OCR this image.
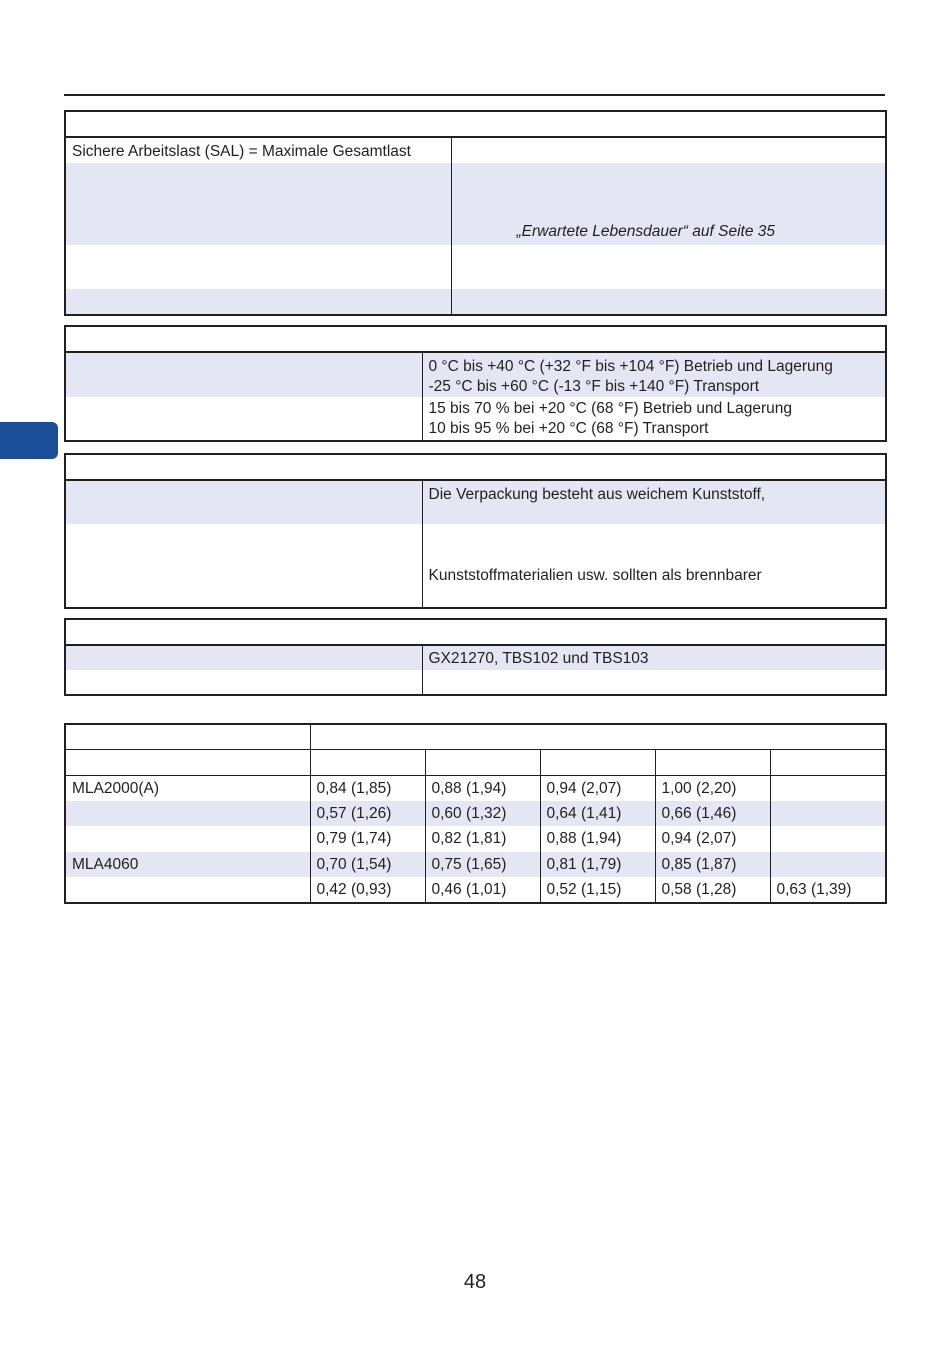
Sichere Arbeitslast (SAL) = Maximale Gesamtlast	
	„Erwartete Lebensdauer“ auf Seite 35

	0 °C bis +40 °C (+32 °F bis +104 °F) Betrieb und Lagerung
-25 °C bis +60 °C (-13 °F bis +140 °F) Transport

	15 bis 70 % bei +20 °C (68 °F) Betrieb und Lagerung
10 bis 95 % bei +20 °C (68 °F) Transport

	Die Verpackung besteht aus weichem Kunststoff,
	Kunststoffmaterialien usw. sollten als brennbarer

	GX21270, TBS102 und TBS103

MLA2000(A)	0,84 (1,85)	0,88 (1,94)	0,94 (2,07)	1,00 (2,20)	
	0,57 (1,26)	0,60 (1,32)	0,64 (1,41)	0,66 (1,46)	
	0,79 (1,74)	0,82 (1,81)	0,88 (1,94)	0,94 (2,07)	
MLA4060	0,70 (1,54)	0,75 (1,65)	0,81 (1,79)	0,85 (1,87)	
	0,42 (0,93)	0,46 (1,01)	0,52 (1,15)	0,58 (1,28)	0,63 (1,39)
48
